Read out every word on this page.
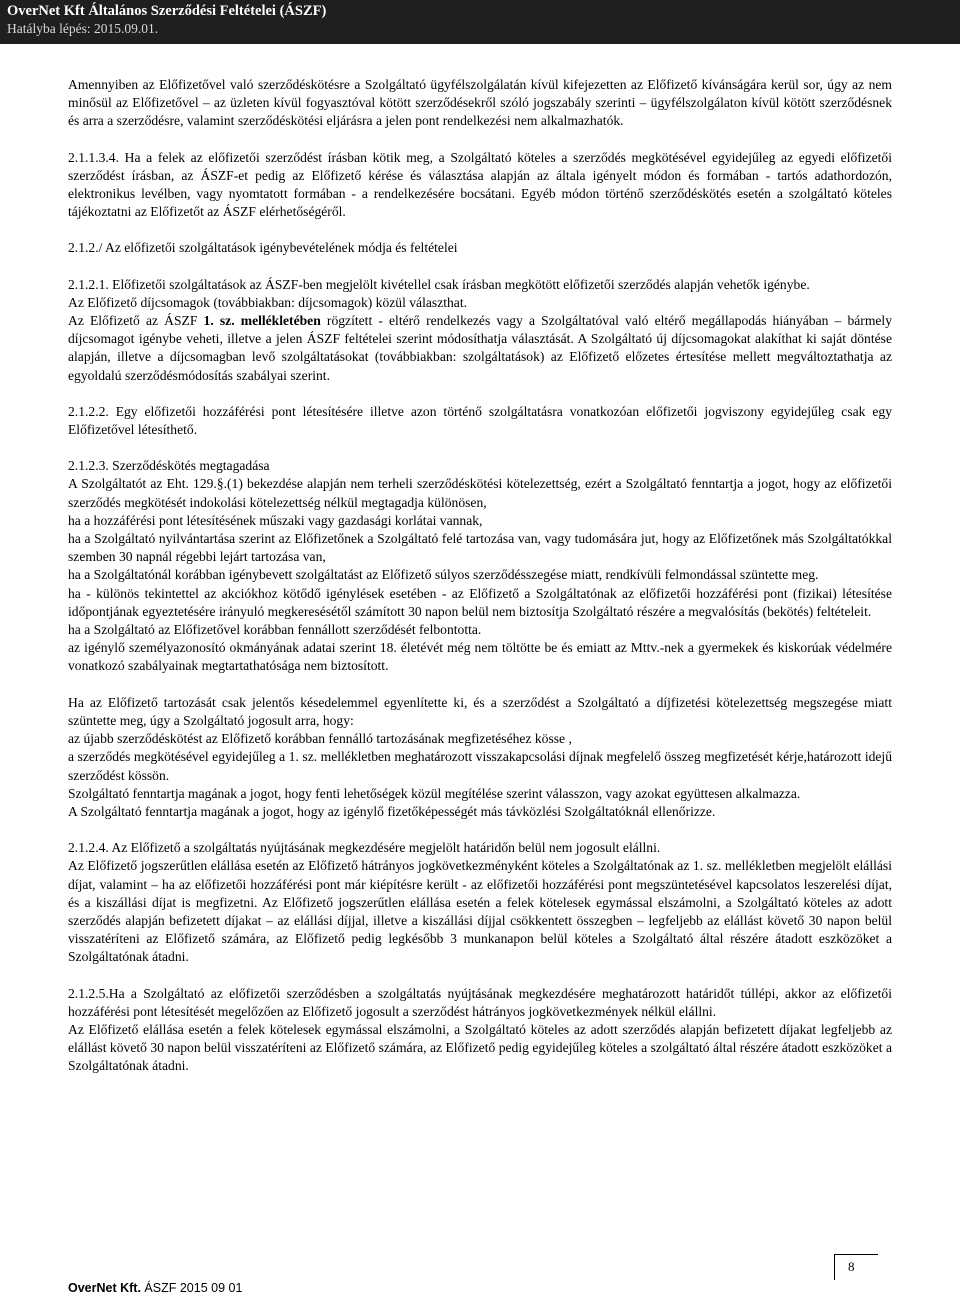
OverNet Kft Általános Szerződési Feltételei (ÁSZF)
Hatályba lépés: 2015.09.01.

Amennyiben az Előfizetővel való szerződéskötésre a Szolgáltató ügyfélszolgálatán kívül kifejezetten az Előfizető kívánságára kerül sor, úgy az nem minősül az Előfizetővel – az üzleten kívül fogyasztóval kötött szerződésekről szóló jogszabály szerinti – ügyfélszolgálaton kívül kötött szerződésnek és arra a szerződésre, valamint szerződéskötési eljárásra a jelen pont rendelkezési nem alkalmazhatók.

2.1.1.3.4. Ha a felek az előfizetői szerződést írásban kötik meg, a Szolgáltató köteles a szerződés megkötésével egyidejűleg az egyedi előfizetői szerződést írásban, az ÁSZF-et pedig az Előfizető kérése és választása alapján az általa igényelt módon és formában - tartós adathordozón, elektronikus levélben, vagy nyomtatott formában - a rendelkezésére bocsátani. Egyéb módon történő szerződéskötés esetén a szolgáltató köteles tájékoztatni az Előfizetőt az ÁSZF elérhetőségéről.

2.1.2./ Az előfizetői szolgáltatások igénybevételének módja és feltételei

2.1.2.1. Előfizetői szolgáltatások az ÁSZF-ben megjelölt kivétellel csak írásban megkötött előfizetői szerződés alapján vehetők igénybe.

Az Előfizető díjcsomagok (továbbiakban: díjcsomagok) közül választhat.

Az Előfizető az ÁSZF 1. sz. mellékletében rögzített - eltérő rendelkezés vagy a Szolgáltatóval való eltérő megállapodás hiányában – bármely díjcsomagot igénybe veheti, illetve a jelen ÁSZF feltételei szerint módosíthatja választását. A Szolgáltató új díjcsomagokat alakíthat ki saját döntése alapján, illetve a díjcsomagban levő szolgáltatásokat (továbbiakban: szolgáltatások) az Előfizető előzetes értesítése mellett megváltoztathatja az egyoldalú szerződésmódosítás szabályai szerint.

2.1.2.2. Egy előfizetői hozzáférési pont létesítésére illetve azon történő szolgáltatásra vonatkozóan előfizetői jogviszony egyidejűleg csak egy Előfizetővel létesíthető.

2.1.2.3. Szerződéskötés megtagadása

A Szolgáltatót az Eht. 129.§.(1) bekezdése alapján nem terheli szerződéskötési kötelezettség, ezért a Szolgáltató fenntartja a jogot, hogy az előfizetői szerződés megkötését indokolási kötelezettség nélkül megtagadja különösen,

ha a hozzáférési pont létesítésének műszaki vagy gazdasági korlátai vannak,

ha a Szolgáltató nyilvántartása szerint az Előfizetőnek a Szolgáltató felé tartozása van, vagy tudomására jut, hogy az Előfizetőnek más Szolgáltatókkal szemben 30 napnál régebbi lejárt tartozása van,

ha a Szolgáltatónál korábban igénybevett szolgáltatást az Előfizető súlyos szerződésszegése miatt, rendkívüli felmondással szüntette meg.

ha - különös tekintettel az akciókhoz kötődő igénylések esetében - az Előfizető a Szolgáltatónak az előfizetői hozzáférési pont (fizikai) létesítése időpontjának egyeztetésére irányuló megkeresésétől számított 30 napon belül nem biztosítja Szolgáltató részére a megvalósítás (bekötés) feltételeit.

ha a Szolgáltató az Előfizetővel korábban fennállott szerződését felbontotta.

az igénylő személyazonosító okmányának adatai szerint 18. életévét még nem töltötte be és emiatt az Mttv.-nek a gyermekek és kiskorúak védelmére vonatkozó szabályainak megtartathatósága nem biztosított.

Ha az Előfizető tartozását csak jelentős késedelemmel egyenlítette ki, és a szerződést a Szolgáltató a díjfizetési kötelezettség megszegése miatt szüntette meg, úgy a Szolgáltató jogosult arra, hogy:

az újabb szerződéskötést az Előfizető korábban fennálló tartozásának megfizetéséhez kösse ,

a szerződés megkötésével egyidejűleg a 1. sz. mellékletben meghatározott visszakapcsolási díjnak megfelelő összeg megfizetését kérje,határozott idejű szerződést kössön.

Szolgáltató fenntartja magának a jogot, hogy fenti lehetőségek közül megítélése szerint válasszon, vagy azokat együttesen alkalmazza.

A Szolgáltató fenntartja magának a jogot, hogy az igénylő fizetőképességét más távközlési Szolgáltatóknál ellenőrizze.

2.1.2.4. Az Előfizető a szolgáltatás nyújtásának megkezdésére megjelölt határidőn belül nem jogosult elállni.

Az Előfizető jogszerűtlen elállása esetén az Előfizető hátrányos jogkövetkezményként köteles a Szolgáltatónak az 1. sz. mellékletben megjelölt elállási díjat, valamint – ha az előfizetői hozzáférési pont már kiépítésre került - az előfizetői hozzáférési pont megszüntetésével kapcsolatos leszerelési díjat, és a kiszállási díjat is megfizetni. Az Előfizető jogszerűtlen elállása esetén a felek kötelesek egymással elszámolni, a Szolgáltató köteles az adott szerződés alapján befizetett díjakat – az elállási díjjal, illetve a kiszállási díjjal csökkentett összegben – legfeljebb az elállást követő 30 napon belül visszatéríteni az Előfizető számára, az Előfizető pedig legkésőbb 3 munkanapon belül köteles a Szolgáltató által részére átadott eszközöket a Szolgáltatónak átadni.

2.1.2.5.Ha a Szolgáltató az előfizetői szerződésben a szolgáltatás nyújtásának megkezdésére meghatározott határidőt túllépi, akkor az előfizetői hozzáférési pont létesítését megelőzően az Előfizető jogosult a szerződést hátrányos jogkövetkezmények nélkül elállni.

Az Előfizető elállása esetén a felek kötelesek egymással elszámolni, a Szolgáltató köteles az adott szerződés alapján befizetett díjakat legfeljebb az elállást követő 30 napon belül visszatéríteni az Előfizető számára, az Előfizető pedig egyidejűleg köteles a szolgáltató által részére átadott eszközöket a Szolgáltatónak átadni.

8
OverNet Kft. ÁSZF 2015 09 01
